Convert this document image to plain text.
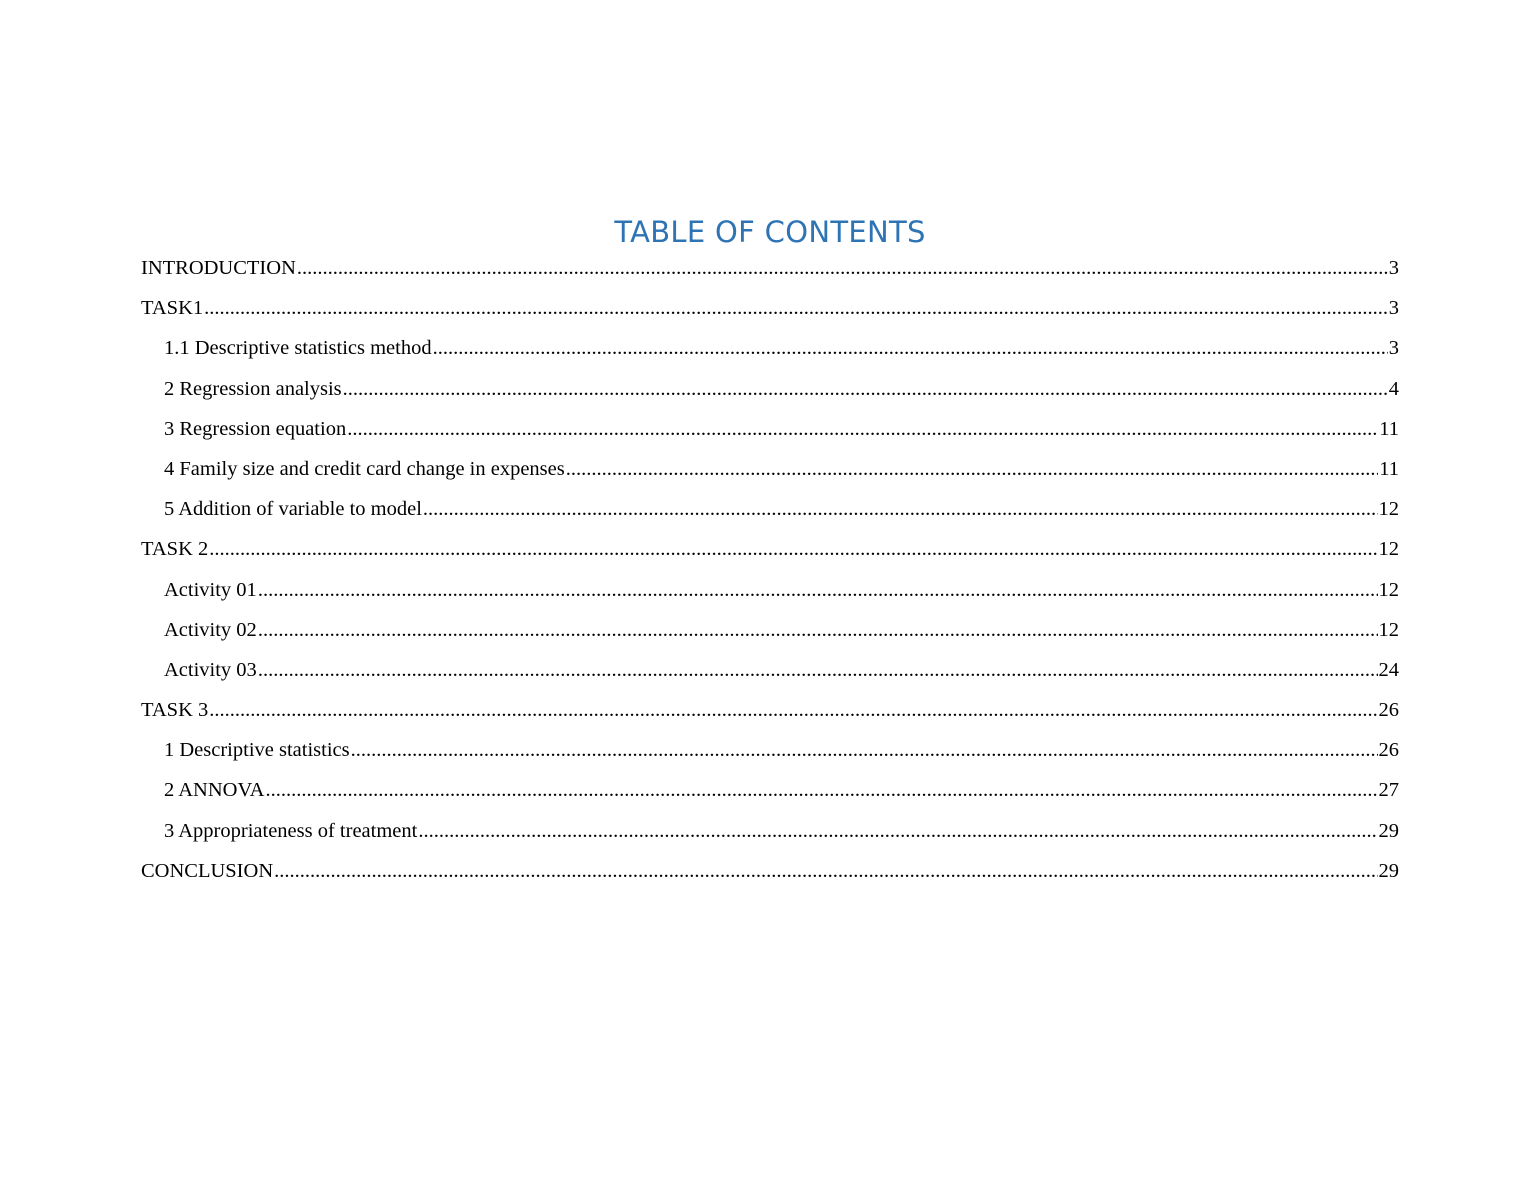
TABLE OF CONTENTS
INTRODUCTION .....	3
TASK1 .....	3
1.1 Descriptive statistics method .....	3
2 Regression analysis .....	4
3 Regression equation .....	11
4 Family size and credit card change in expenses .....	11
5 Addition of variable to model .....	12
TASK 2 .....	12
Activity 01 .....	12
Activity 02 .....	12
Activity 03 .....	24
TASK 3 .....	26
1 Descriptive statistics .....	26
2 ANNOVA .....	27
3 Appropriateness of treatment .....	29
CONCLUSION .....	29
